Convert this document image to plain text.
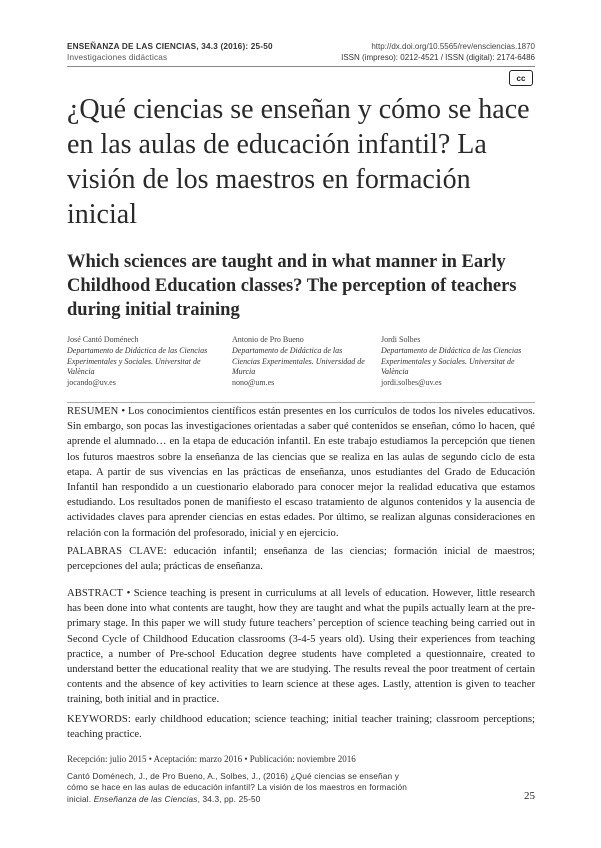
ENSEÑANZA DE LAS CIENCIAS, 34.3 (2016): 25-50
Investigaciones didácticas
http://dx.doi.org/10.5565/rev/ensciencias.1870
ISSN (impreso): 0212-4521 / ISSN (digital): 2174-6486
cc
¿Qué ciencias se enseñan y cómo se hace en las aulas de educación infantil? La visión de los maestros en formación inicial
Which sciences are taught and in what manner in Early Childhood Education classes? The perception of teachers during initial training
José Cantó Doménech
Departamento de Didáctica de las Ciencias Experimentales y Sociales. Universitat de València
jocando@uv.es
Antonio de Pro Bueno
Departamento de Didáctica de las Ciencias Experimentales. Universidad de Murcia
nono@um.es
Jordi Solbes
Departamento de Didáctica de las Ciencias Experimentales y Sociales. Universitat de València
jordi.solbes@uv.es
RESUMEN • Los conocimientos científicos están presentes en los currículos de todos los niveles educativos. Sin embargo, son pocas las investigaciones orientadas a saber qué contenidos se enseñan, cómo lo hacen, qué aprende el alumnado… en la etapa de educación infantil. En este trabajo estudiamos la percepción que tienen los futuros maestros sobre la enseñanza de las ciencias que se realiza en las aulas de segundo ciclo de esta etapa. A partir de sus vivencias en las prácticas de enseñanza, unos estudiantes del Grado de Educación Infantil han respondido a un cuestionario elaborado para conocer mejor la realidad educativa que estamos estudiando. Los resultados ponen de manifiesto el escaso tratamiento de algunos contenidos y la ausencia de actividades claves para aprender ciencias en estas edades. Por último, se realizan algunas consideraciones en relación con la formación del profesorado, inicial y en ejercicio.
PALABRAS CLAVE: educación infantil; enseñanza de las ciencias; formación inicial de maestros; percepciones del aula; prácticas de enseñanza.
ABSTRACT • Science teaching is present in curriculums at all levels of education. However, little research has been done into what contents are taught, how they are taught and what the pupils actually learn at the pre-primary stage. In this paper we will study future teachers’ perception of science teaching being carried out in Second Cycle of Childhood Education classrooms (3-4-5 years old). Using their experiences from teaching practice, a number of Pre-school Education degree students have completed a questionnaire, created to understand better the educational reality that we are studying. The results reveal the poor treatment of certain contents and the absence of key activities to learn science at these ages. Lastly, attention is given to teacher training, both initial and in practice.
KEYWORDS: early childhood education; science teaching; initial teacher training; classroom perceptions; teaching practice.
Recepción: julio 2015 • Aceptación: marzo 2016 • Publicación: noviembre 2016
Cantó Doménech, J., de Pro Bueno, A., Solbes, J., (2016) ¿Qué ciencias se enseñan y
cómo se hace en las aulas de educación infantil? La visión de los maestros en formación
inicial. Enseñanza de las Ciencias, 34.3, pp. 25-50	25
